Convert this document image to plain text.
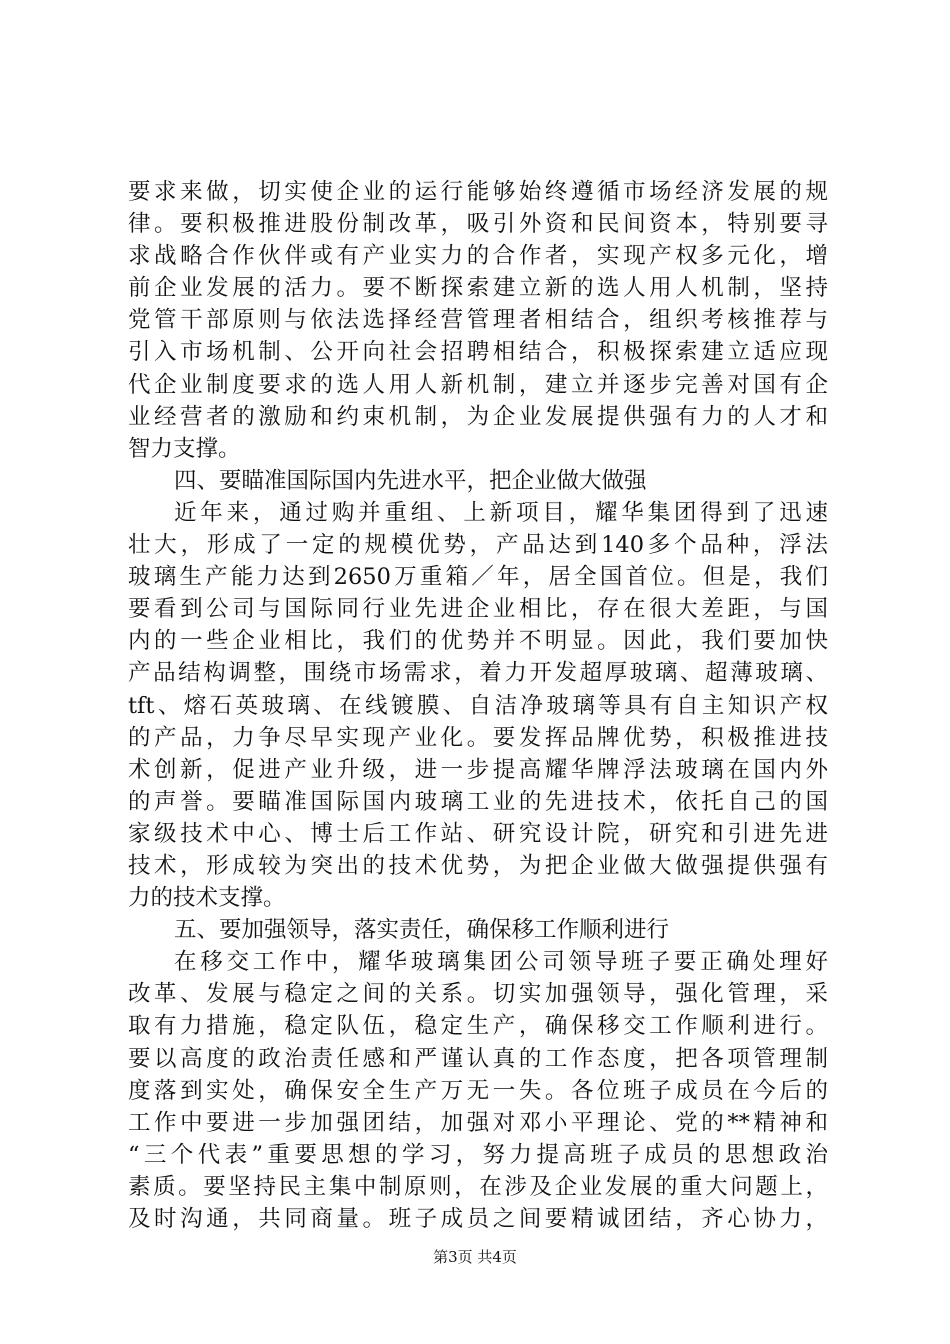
要求来做，切实使企业的运行能够始终遵循市场经济发展的规
律。要积极推进股份制改革，吸引外资和民间资本，特别要寻
求战略合作伙伴或有产业实力的合作者，实现产权多元化，增
前企业发展的活力。要不断探索建立新的选人用人机制，坚持
党管干部原则与依法选择经营管理者相结合，组织考核推荐与
引入市场机制、公开向社会招聘相结合，积极探索建立适应现
代企业制度要求的选人用人新机制，建立并逐步完善对国有企
业经营者的激励和约束机制，为企业发展提供强有力的人才和
智力支撑。
四、要瞄准国际国内先进水平，把企业做大做强
近年来，通过购并重组、上新项目，耀华集团得到了迅速
壮大，形成了一定的规模优势，产品达到140多个品种，浮法
玻璃生产能力达到2650万重箱／年，居全国首位。但是，我们
要看到公司与国际同行业先进企业相比，存在很大差距，与国
内的一些企业相比，我们的优势并不明显。因此，我们要加快
产品结构调整，围绕市场需求，着力开发超厚玻璃、超薄玻璃、
tft、熔石英玻璃、在线镀膜、自洁净玻璃等具有自主知识产权
的产品，力争尽早实现产业化。要发挥品牌优势，积极推进技
术创新，促进产业升级，进一步提高耀华牌浮法玻璃在国内外
的声誉。要瞄准国际国内玻璃工业的先进技术，依托自己的国
家级技术中心、博士后工作站、研究设计院，研究和引进先进
技术，形成较为突出的技术优势，为把企业做大做强提供强有
力的技术支撑。
五、要加强领导，落实责任，确保移工作顺利进行
在移交工作中，耀华玻璃集团公司领导班子要正确处理好
改革、发展与稳定之间的关系。切实加强领导，强化管理，采
取有力措施，稳定队伍，稳定生产，确保移交工作顺利进行。
要以高度的政治责任感和严谨认真的工作态度，把各项管理制
度落到实处，确保安全生产万无一失。各位班子成员在今后的
工作中要进一步加强团结，加强对邓小平理论、党的**精神和
“三个代表”重要思想的学习，努力提高班子成员的思想政治
素质。要坚持民主集中制原则，在涉及企业发展的重大问题上，
及时沟通，共同商量。班子成员之间要精诚团结，齐心协力，
第3页 共4页
